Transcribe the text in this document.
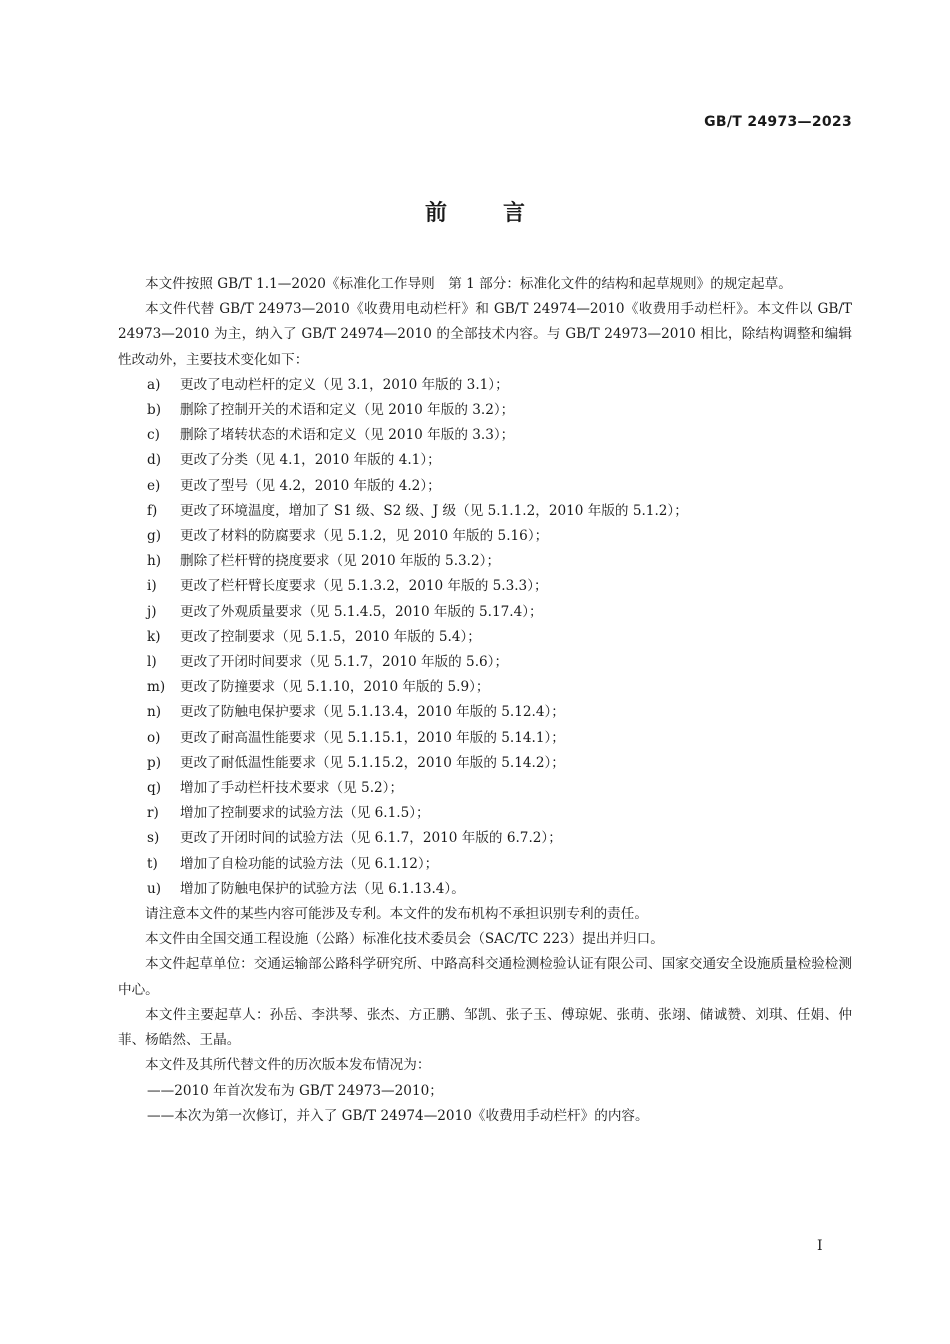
GB/T 24973—2023
前言
本文件按照 GB/T 1.1—2020《标准化工作导则　第 1 部分：标准化文件的结构和起草规则》的规定起草。
本文件代替 GB/T 24973—2010《收费用电动栏杆》和 GB/T 24974—2010《收费用手动栏杆》。本文件以 GB/T 24973—2010 为主，纳入了 GB/T 24974—2010 的全部技术内容。与 GB/T 24973—2010 相比，除结构调整和编辑性改动外，主要技术变化如下：
a) 更改了电动栏杆的定义（见 3.1，2010 年版的 3.1）；
b) 删除了控制开关的术语和定义（见 2010 年版的 3.2）；
c) 删除了堵转状态的术语和定义（见 2010 年版的 3.3）；
d) 更改了分类（见 4.1，2010 年版的 4.1）；
e) 更改了型号（见 4.2，2010 年版的 4.2）；
f) 更改了环境温度，增加了 S1 级、S2 级、J 级（见 5.1.1.2，2010 年版的 5.1.2）；
g) 更改了材料的防腐要求（见 5.1.2，见 2010 年版的 5.16）；
h) 删除了栏杆臂的挠度要求（见 2010 年版的 5.3.2）；
i) 更改了栏杆臂长度要求（见 5.1.3.2，2010 年版的 5.3.3）；
j) 更改了外观质量要求（见 5.1.4.5，2010 年版的 5.17.4）；
k) 更改了控制要求（见 5.1.5，2010 年版的 5.4）；
l) 更改了开闭时间要求（见 5.1.7，2010 年版的 5.6）；
m) 更改了防撞要求（见 5.1.10，2010 年版的 5.9）；
n) 更改了防触电保护要求（见 5.1.13.4，2010 年版的 5.12.4）；
o) 更改了耐高温性能要求（见 5.1.15.1，2010 年版的 5.14.1）；
p) 更改了耐低温性能要求（见 5.1.15.2，2010 年版的 5.14.2）；
q) 增加了手动栏杆技术要求（见 5.2）；
r) 增加了控制要求的试验方法（见 6.1.5）；
s) 更改了开闭时间的试验方法（见 6.1.7，2010 年版的 6.7.2）；
t) 增加了自检功能的试验方法（见 6.1.12）；
u) 增加了防触电保护的试验方法（见 6.1.13.4）。
请注意本文件的某些内容可能涉及专利。本文件的发布机构不承担识别专利的责任。
本文件由全国交通工程设施（公路）标准化技术委员会（SAC/TC 223）提出并归口。
本文件起草单位：交通运输部公路科学研究所、中路高科交通检测检验认证有限公司、国家交通安全设施质量检验检测中心。
本文件主要起草人：孙岳、李洪琴、张杰、方正鹏、邹凯、张子玉、傅琼妮、张萌、张翊、储诚赞、刘琪、任娟、仲菲、杨皓然、王晶。
本文件及其所代替文件的历次版本发布情况为：
——2010 年首次发布为 GB/T 24973—2010；
——本次为第一次修订，并入了 GB/T 24974—2010《收费用手动栏杆》的内容。
I
